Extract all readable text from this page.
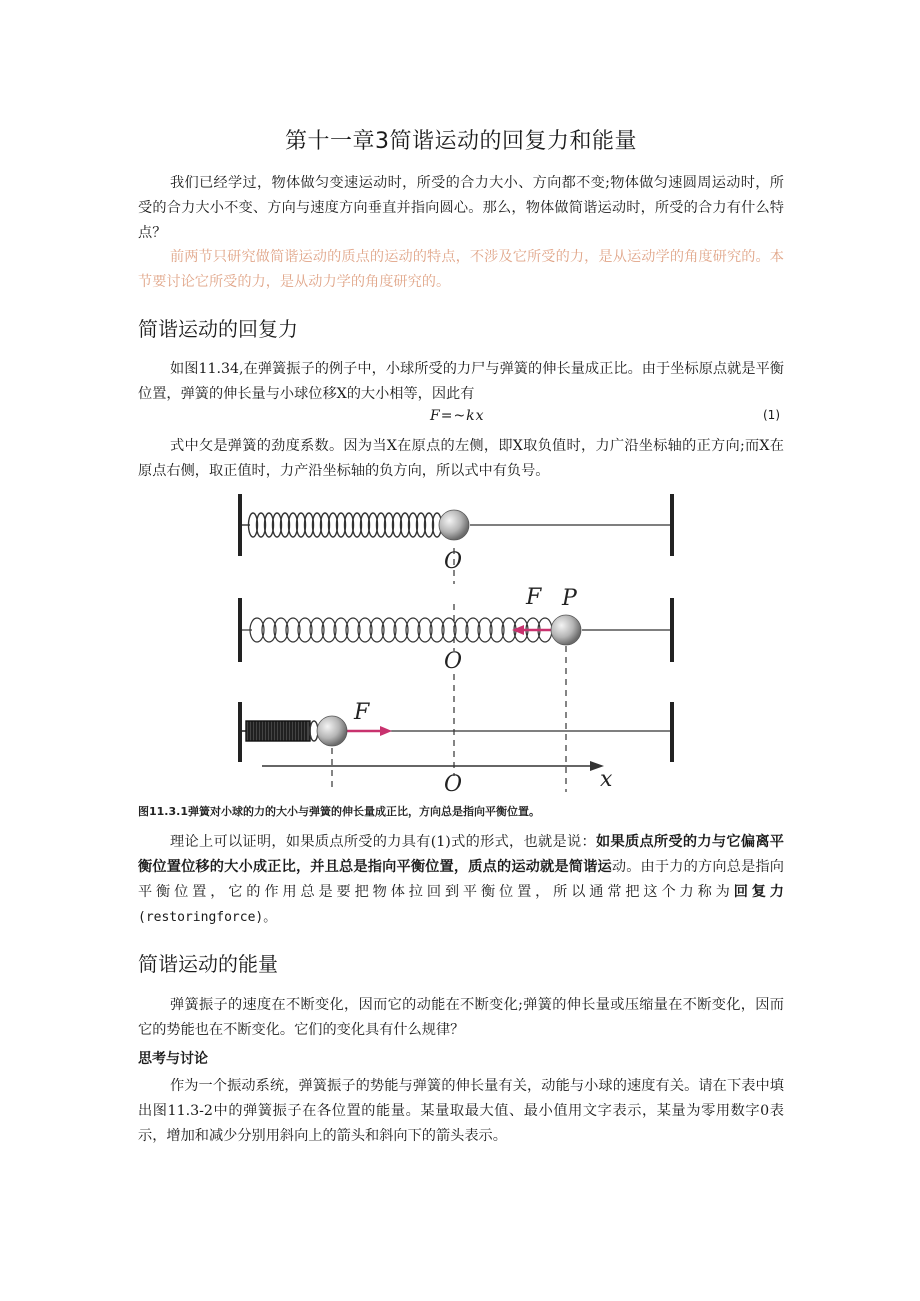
第十一章3简谐运动的回复力和能量

我们已经学过，物体做匀变速运动时，所受的合力大小、方向都不变;物体做匀速圆周运动时，所受的合力大小不变、方向与速度方向垂直并指向圆心。那么，物体做简谐运动时，所受的合力有什么特点？

前两节只研究做简谐运动的质点的运动的特点，不涉及它所受的力，是从运动学的角度研究的。本节要讨论它所受的力，是从动力学的角度研究的。

简谐运动的回复力

如图11.34,在弹簧振子的例子中，小球所受的力尸与弹簧的伸长量成正比。由于坐标原点就是平衡位置，弹簧的伸长量与小球位移X的大小相等，因此有

F=~kx	(1)

式中攵是弹簧的劲度系数。因为当X在原点的左侧，即X取负值时，力广沿坐标轴的正方向;而X在原点右侧，取正值时，力产沿坐标轴的负方向，所以式中有负号。

O
F P
O
F
O	x

图11.3.1弹簧对小球的力的大小与弹簧的伸长量成正比，方向总是指向平衡位置。

理论上可以证明，如果质点所受的力具有(1)式的形式，也就是说：如果质点所受的力与它偏离平衡位置位移的大小成正比，并且总是指向平衡位置，质点的运动就是简谐运动。由于力的方向总是指向平衡位置，它的作用总是要把物体拉回到平衡位置，所以通常把这个力称为回复力(restoringforce)。

简谐运动的能量

弹簧振子的速度在不断变化，因而它的动能在不断变化;弹簧的伸长量或压缩量在不断变化，因而它的势能也在不断变化。它们的变化具有什么规律？

思考与讨论

作为一个振动系统，弹簧振子的势能与弹簧的伸长量有关，动能与小球的速度有关。请在下表中填出图11.3-2中的弹簧振子在各位置的能量。某量取最大值、最小值用文字表示，某量为零用数字0表示，增加和减少分别用斜向上的箭头和斜向下的箭头表示。
